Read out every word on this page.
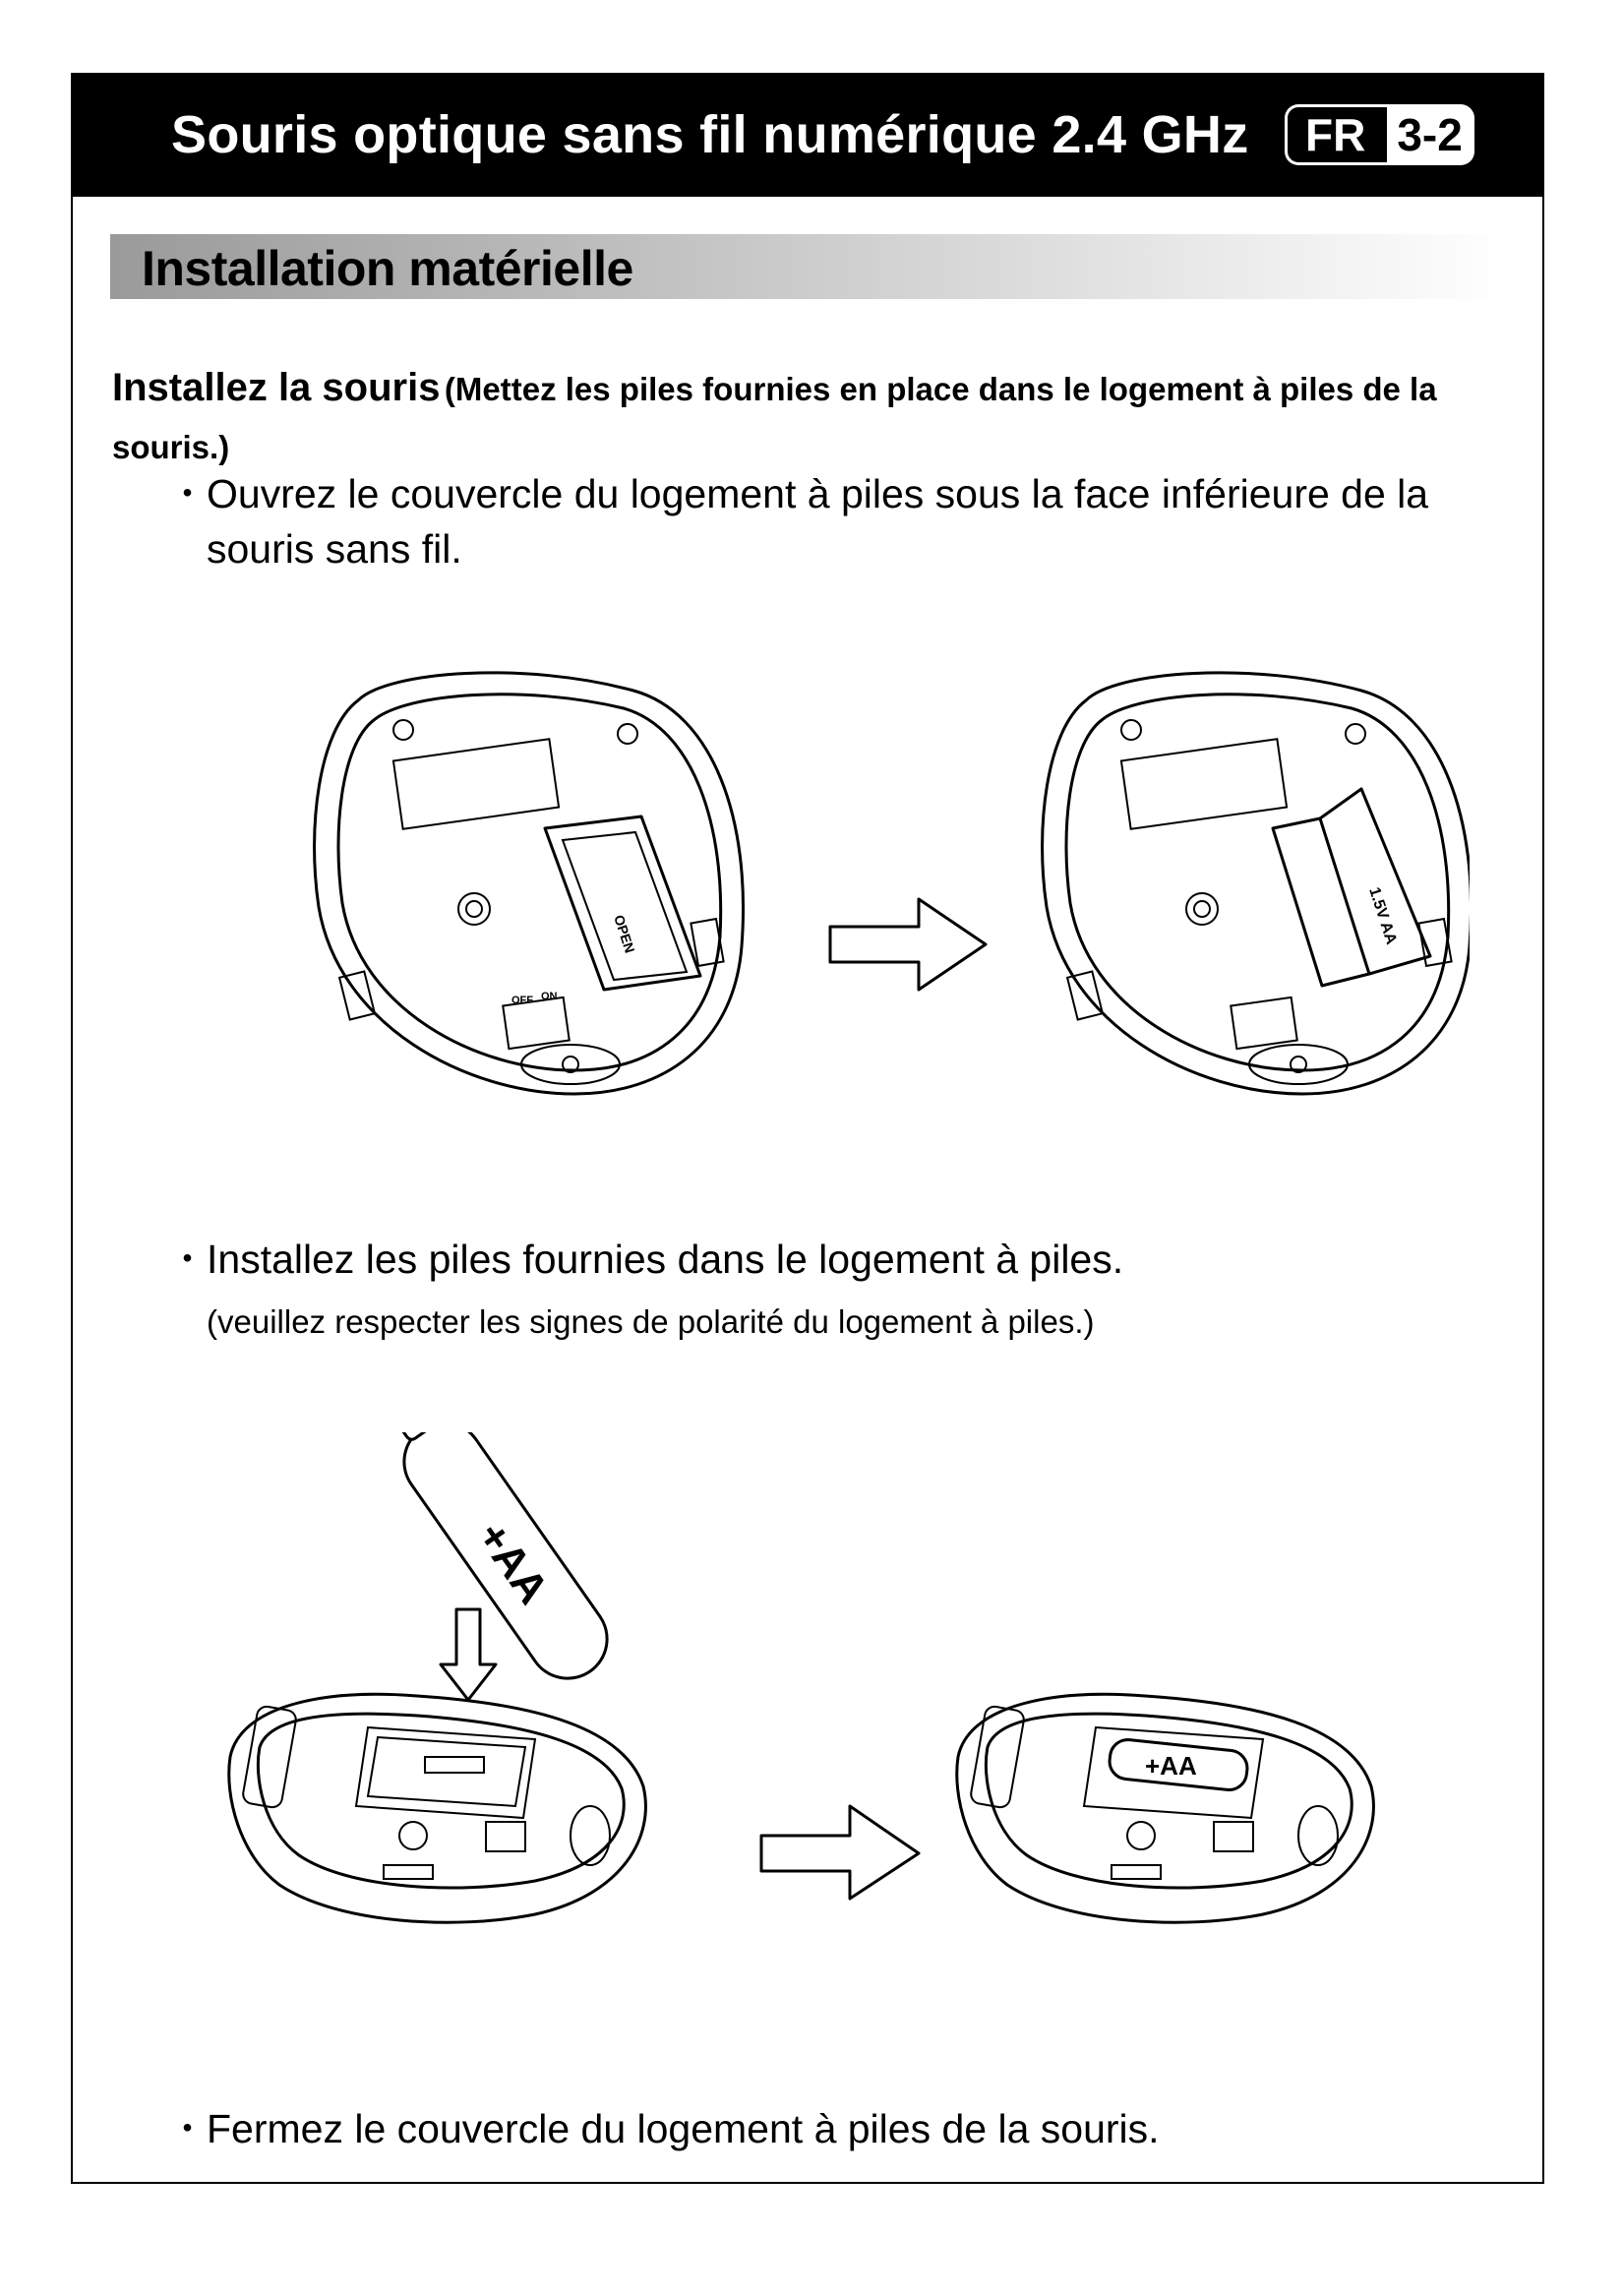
Souris optique sans fil numérique 2.4 GHz	FR 3-2
Installation matérielle
Installez la souris (Mettez les piles fournies en place dans le logement à piles de la souris.)
・ Ouvrez le couvercle du logement à piles sous la face inférieure de la souris sans fil.
OPEN
OFF ON
1.5V AA
・ Installez les piles fournies dans le logement à piles.
(veuillez respecter les signes de polarité du logement à piles.)
+AA
+AA
・ Fermez le couvercle du logement à piles de la souris.
